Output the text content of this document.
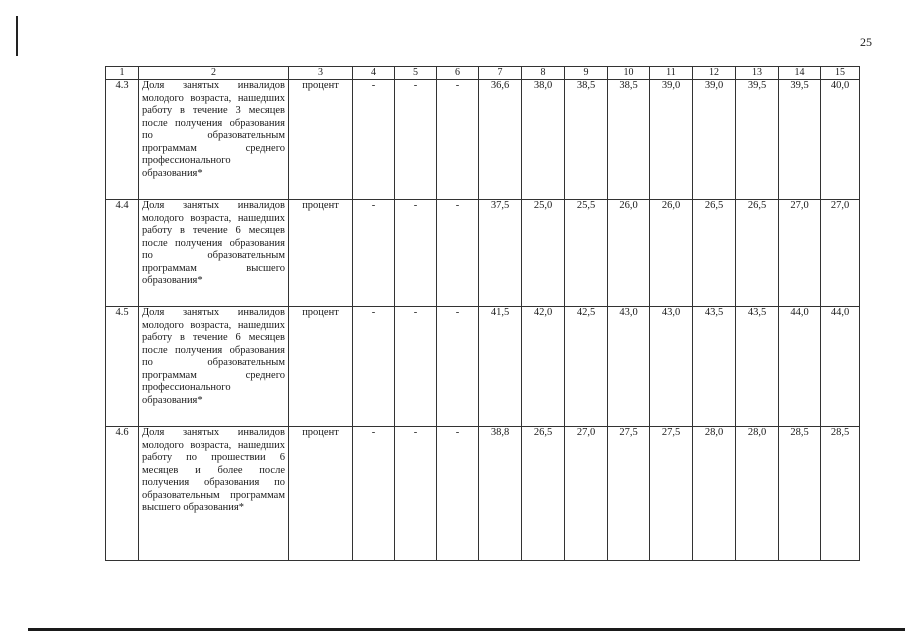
25
1	2	3	4	5	6	7	8	9	10	11	12	13	14	15
4.3	Доля занятых инвалидов молодого возраста, нашедших работу в течение 3 месяцев после получения образования по образовательным программам среднего профессионального образования*	процент	-	-	-	36,6	38,0	38,5	38,5	39,0	39,0	39,5	39,5	40,0
4.4	Доля занятых инвалидов молодого возраста, нашедших работу в течение 6 месяцев после получения образования по образовательным программам высшего образования*	процент	-	-	-	37,5	25,0	25,5	26,0	26,0	26,5	26,5	27,0	27,0
4.5	Доля занятых инвалидов молодого возраста, нашедших работу в течение 6 месяцев после получения образования по образовательным программам среднего профессионального образования*	процент	-	-	-	41,5	42,0	42,5	43,0	43,0	43,5	43,5	44,0	44,0
4.6	Доля занятых инвалидов молодого возраста, нашедших работу по прошествии 6 месяцев и более после получения образования по образовательным программам высшего образования*	процент	-	-	-	38,8	26,5	27,0	27,5	27,5	28,0	28,0	28,5	28,5
